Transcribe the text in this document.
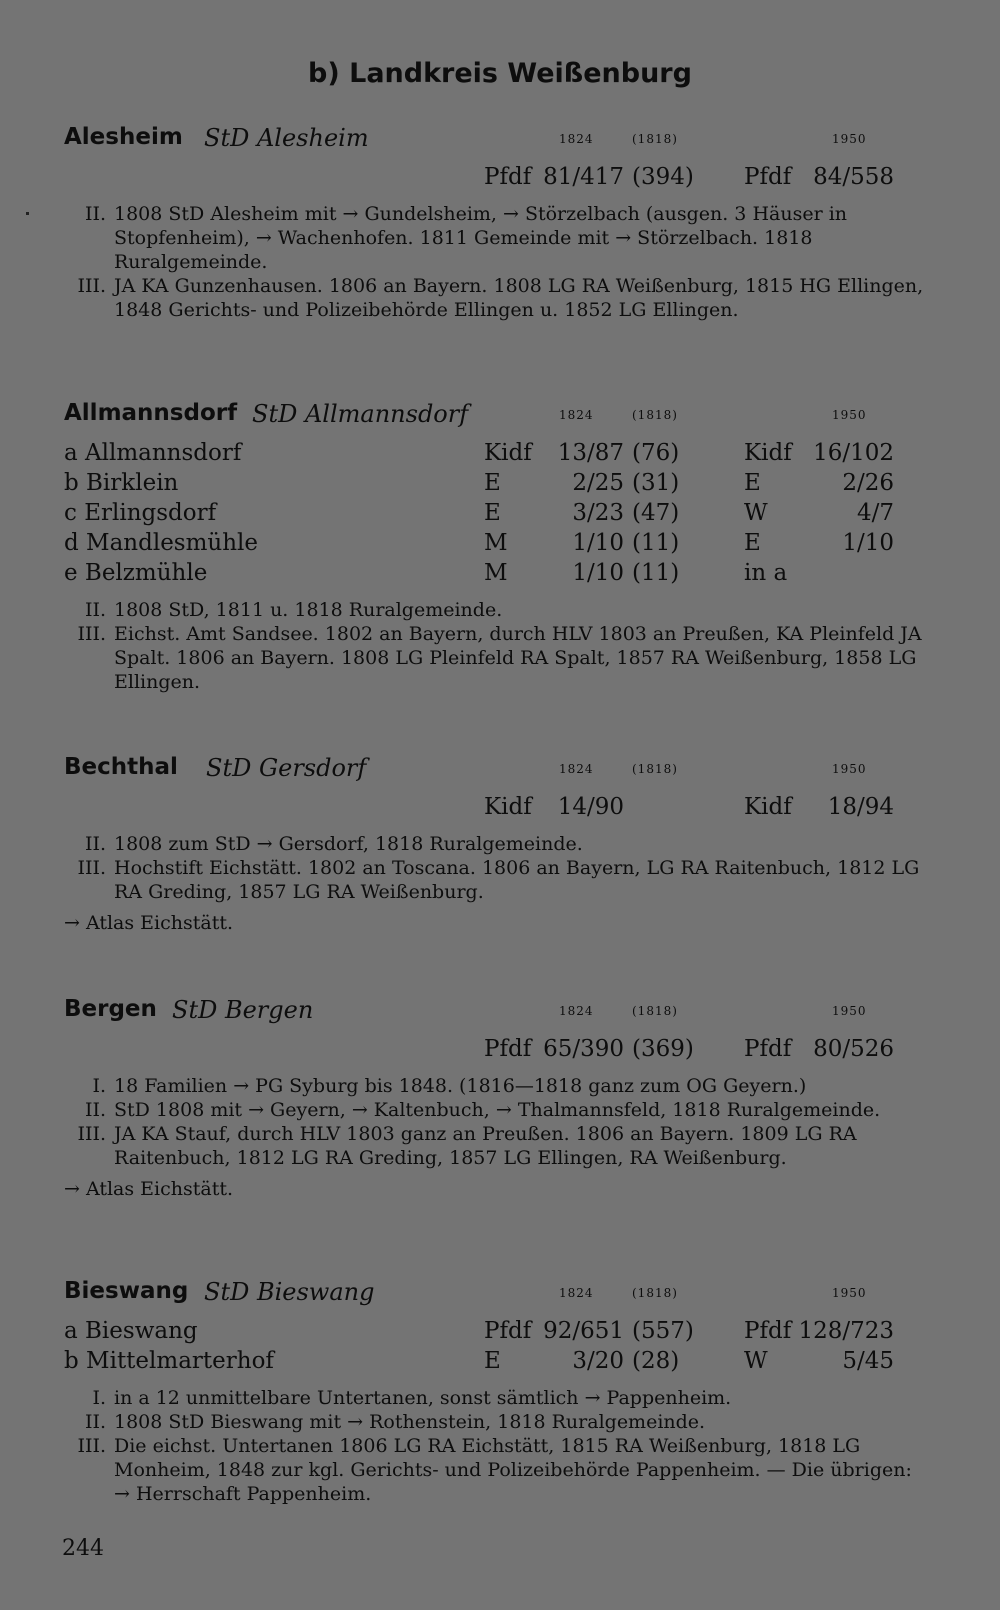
b) Landkreis Weißenburg
Alesheim StD Alesheim	1824	(1818)	1950
Pfdf 81/417 (394) Pfdf 84/558
II. 1808 StD Alesheim mit → Gundelsheim, → Störzelbach (ausgen. 3 Häuser in Stopfenheim), → Wachenhofen. 1811 Gemeinde mit → Störzelbach. 1818 Ruralgemeinde.
III. JA KA Gunzenhausen. 1806 an Bayern. 1808 LG RA Weißenburg, 1815 HG Ellingen, 1848 Gerichts- und Polizeibehörde Ellingen u. 1852 LG Ellingen.
Allmannsdorf StD Allmannsdorf	1824	(1818)	1950
a Allmannsdorf	Kidf 13/87 (76)	Kidf 16/102
b Birklein	E	2/25 (31)	E	2/26
c Erlingsdorf	E	3/23 (47)	W	4/7
d Mandlesmühle	M	1/10 (11)	E	1/10
e Belzmühle	M	1/10 (11)	in a
II. 1808 StD, 1811 u. 1818 Ruralgemeinde.
III. Eichst. Amt Sandsee. 1802 an Bayern, durch HLV 1803 an Preußen, KA Pleinfeld JA Spalt. 1806 an Bayern. 1808 LG Pleinfeld RA Spalt, 1857 RA Weißenburg, 1858 LG Ellingen.
Bechthal StD Gersdorf	1824	(1818)	1950
Kidf 14/90	Kidf 18/94
II. 1808 zum StD → Gersdorf, 1818 Ruralgemeinde.
III. Hochstift Eichstätt. 1802 an Toscana. 1806 an Bayern, LG RA Raitenbuch, 1812 LG RA Greding, 1857 LG RA Weißenburg.
→ Atlas Eichstätt.
Bergen StD Bergen	1824	(1818)	1950
Pfdf 65/390 (369) Pfdf 80/526
I. 18 Familien → PG Syburg bis 1848. (1816—1818 ganz zum OG Geyern.)
II. StD 1808 mit → Geyern, → Kaltenbuch, → Thalmannsfeld, 1818 Ruralgemeinde.
III. JA KA Stauf, durch HLV 1803 ganz an Preußen. 1806 an Bayern. 1809 LG RA Raitenbuch, 1812 LG RA Greding, 1857 LG Ellingen, RA Weißenburg.
→ Atlas Eichstätt.
Bieswang StD Bieswang	1824	(1818)	1950
a Bieswang	Pfdf 92/651 (557) Pfdf 128/723
b Mittelmarterhof	E	3/20 (28)	W	5/45
I. in a 12 unmittelbare Untertanen, sonst sämtlich → Pappenheim.
II. 1808 StD Bieswang mit → Rothenstein, 1818 Ruralgemeinde.
III. Die eichst. Untertanen 1806 LG RA Eichstätt, 1815 RA Weißenburg, 1818 LG Monheim, 1848 zur kgl. Gerichts- und Polizeibehörde Pappenheim. — Die übrigen: → Herrschaft Pappenheim.
244
